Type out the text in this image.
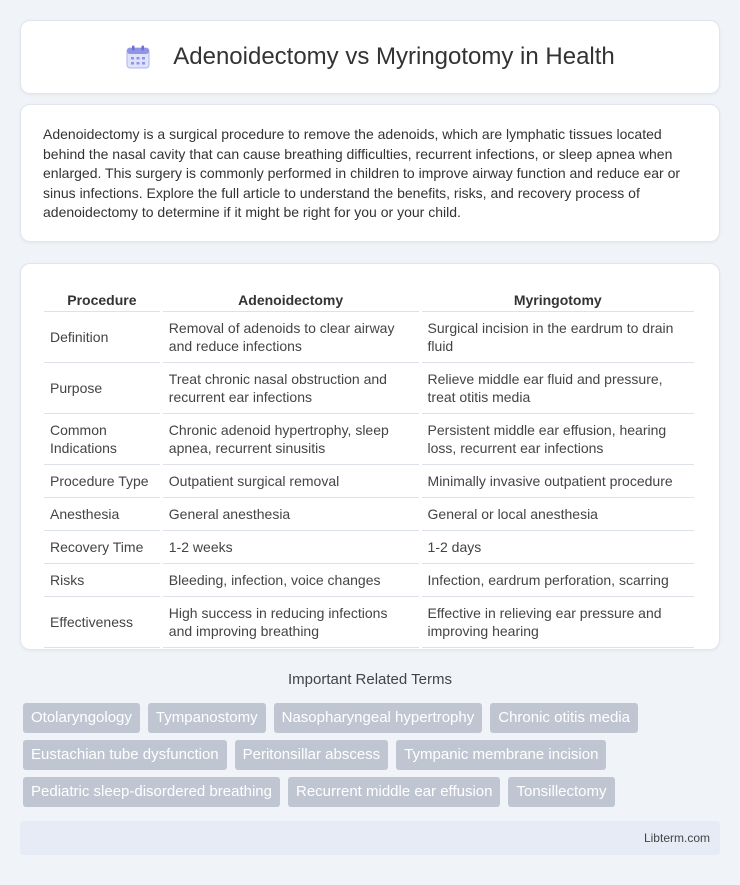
Adenoidectomy vs Myringotomy in Health

Adenoidectomy is a surgical procedure to remove the adenoids, which are lymphatic tissues located behind the nasal cavity that can cause breathing difficulties, recurrent infections, or sleep apnea when enlarged. This surgery is commonly performed in children to improve airway function and reduce ear or sinus infections. Explore the full article to understand the benefits, risks, and recovery process of adenoidectomy to determine if it might be right for you or your child.

Procedure	Adenoidectomy	Myringotomy
Definition	Removal of adenoids to clear airway and reduce infections	Surgical incision in the eardrum to drain fluid
Purpose	Treat chronic nasal obstruction and recurrent ear infections	Relieve middle ear fluid and pressure, treat otitis media
Common Indications	Chronic adenoid hypertrophy, sleep apnea, recurrent sinusitis	Persistent middle ear effusion, hearing loss, recurrent ear infections
Procedure Type	Outpatient surgical removal	Minimally invasive outpatient procedure
Anesthesia	General anesthesia	General or local anesthesia
Recovery Time	1-2 weeks	1-2 days
Risks	Bleeding, infection, voice changes	Infection, eardrum perforation, scarring
Effectiveness	High success in reducing infections and improving breathing	Effective in relieving ear pressure and improving hearing
Important Related Terms
Otolaryngology	Tympanostomy	Nasopharyngeal hypertrophy	Chronic otitis media
Eustachian tube dysfunction	Peritonsillar abscess	Tympanic membrane incision
Pediatric sleep-disordered breathing	Recurrent middle ear effusion	Tonsillectomy
Libterm.com
